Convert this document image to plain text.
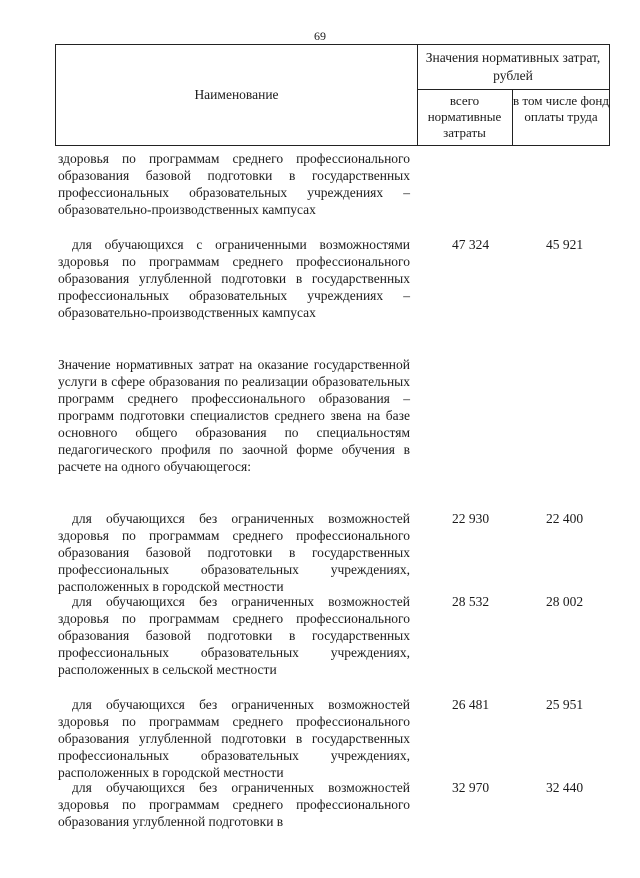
69
Наименование
Значения нормативных затрат, рублей
всего нормативные затраты
в том числе фонд оплаты труда
здоровья по программам среднего профессионального образования базовой подготовки в государственных профессиональных образовательных учреждениях – образовательно-производственных кампусах
для обучающихся с ограниченными возможностями здоровья по программам среднего профессионального образования углубленной подготовки в государственных профессиональных образовательных учреждениях – образовательно-производственных кампусах
47 324	45 921
Значение нормативных затрат на оказание государственной услуги в сфере образования по реализации образовательных программ среднего профессионального образования – программ подготовки специалистов среднего звена на базе основного общего образования по специальностям педагогического профиля по заочной форме обучения в расчете на одного обучающегося:
для обучающихся без ограниченных возможностей здоровья по программам среднего профессионального образования базовой подготовки в государственных профессиональных образовательных учреждениях, расположенных в городской местности
22 930	22 400
для обучающихся без ограниченных возможностей здоровья по программам среднего профессионального образования базовой подготовки в государственных профессиональных образовательных учреждениях, расположенных в сельской местности
28 532	28 002
для обучающихся без ограниченных возможностей здоровья по программам среднего профессионального образования углубленной подготовки в государственных профессиональных образовательных учреждениях, расположенных в городской местности
26 481	25 951
для обучающихся без ограниченных возможностей здоровья по программам среднего профессионального образования углубленной подготовки в
32 970	32 440
